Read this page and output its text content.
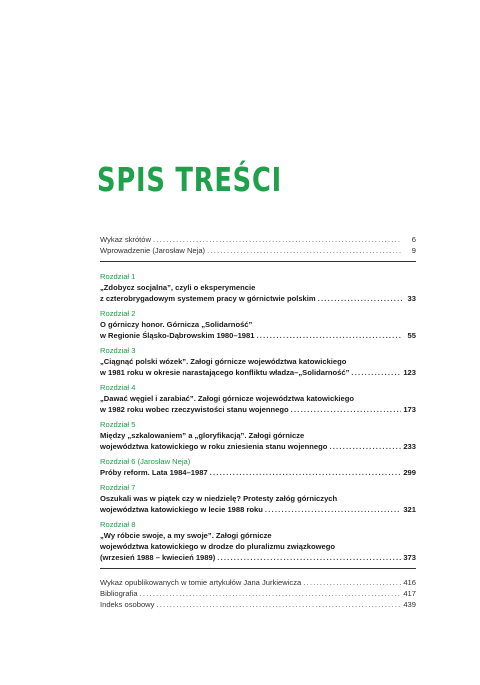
SPIS TREŚCI
Wykaz skrótów .....	6
Wprowadzenie (Jarosław Neja) .....	9
Rozdział 1
„Zdobycz socjalna”, czyli o eksperymencie
z czterobrygadowym systemem pracy w górnictwie polskim .....	33
Rozdział 2
O górniczy honor. Górnicza „Solidarność”
w Regionie Śląsko-Dąbrowskim 1980–1981 .....	55
Rozdział 3
„Ciągnąć polski wózek”. Załogi górnicze województwa katowickiego
w 1981 roku w okresie narastającego konfliktu władza–„Solidarność” .....	123
Rozdział 4
„Dawać węgiel i zarabiać”. Załogi górnicze województwa katowickiego
w 1982 roku wobec rzeczywistości stanu wojennego .....	173
Rozdział 5
Między „szkalowaniem” a „gloryfikacją”. Załogi górnicze
województwa katowickiego w roku zniesienia stanu wojennego .....	233
Rozdział 6 (Jarosław Neja)
Próby reform. Lata 1984–1987 .....	299
Rozdział 7
Oszukali was w piątek czy w niedzielę? Protesty załóg górniczych
województwa katowickiego w lecie 1988 roku .....	321
Rozdział 8
„Wy róbcie swoje, a my swoje”. Załogi górnicze
województwa katowickiego w drodze do pluralizmu związkowego
(wrzesień 1988 – kwiecień 1989) .....	373
Wykaz opublikowanych w tomie artykułów Jana Jurkiewicza .....	416
Bibliografia .....	417
Indeks osobowy .....	439
